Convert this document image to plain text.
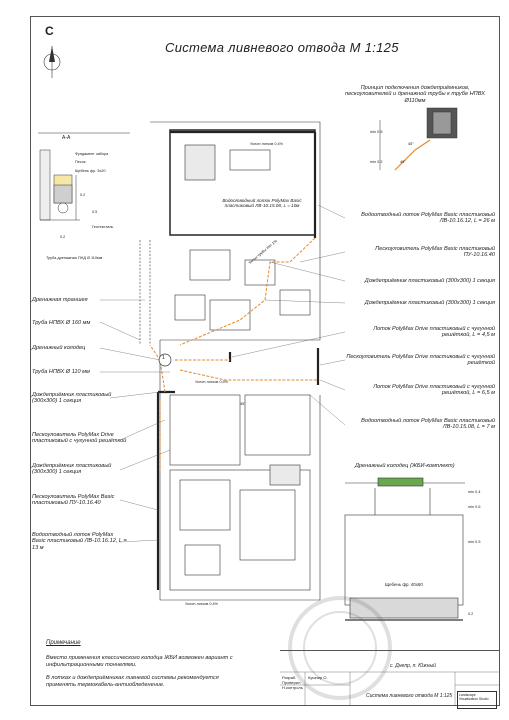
С
Система ливневого отвода М 1:125
А-А
Фундамент забора
Песок
Щебень фр. 5х20
Геотекстиль
Труба дренажная ПНД Ø 110мм
0.2
0.5
0.2
Принцип подключения дождеприёмников, пескоуловителей и дренажной трубы к трубе НПВХ Ø110мм
min 0.5
45°
45°
min 0.2
Дренажная траншея
Труба НПВХ Ø 160 мм
Дренажный колодец
Труба НПВХ Ø 110 мм
Дождеприёмник пластиковый (300х300) 1 секция
Пескоуловитель PolyMax Drive пластиковый с чугунной решёткой
Дождеприёмник пластиковый (300х300) 1 секция
Пескоуловитель PolyMax Basic пластиковый ПУ-10.16.40
Водоотводный лоток PolyMax Basic пластиковый ЛВ-10.16.12, L = 13 м
Водоотводный лоток PolyMax Basic пластиковый ЛВ-10.16.12, L = 26 м
Пескоуловитель PolyMax Basic пластиковый ПУ-10.16.40
Дождеприёмник пластиковый (300х300) 1 секция
Дождеприёмник пластиковый (300х300) 1 секция
Лоток PolyMax Drive пластиковый с чугунной решёткой, L = 4,5 м
Пескоуловитель PolyMax Drive пластиковый с чугунной решёткой
Лоток PolyMax Drive пластиковый с чугунной решёткой, L = 6,5 м
Водоотводный лоток PolyMax Basic пластиковый ЛВ-10.15.08, L = 7 м
Водоотводный лоток PolyMax Basic пластиковый ЛВ-10.15.08, L = 10м
Уклон лотков 0,4%
Уклон лотков 0,5%
Уклон трубы min 1%
Уклон лотков 0,4%
45°
1
Дренажный колодец (ЖБИ-комплект)
Щебень фр. 40х60
min 0.4
min 0.6
min 0.5
0.2
Примечание
Вместо применения классического колодца ЖБИ возможен вариант с
инфильтрационными тоннелями.
В лотках и дождеприёмниках ливневой системы рекомендуется
применять термокабель-антиобледенение.
с. Днепр, п. Южный
Разраб.
Проверил
Н.контроль
Кушнир О.
Система ливневого отвода М 1:125	Landscape Visualization Studio
